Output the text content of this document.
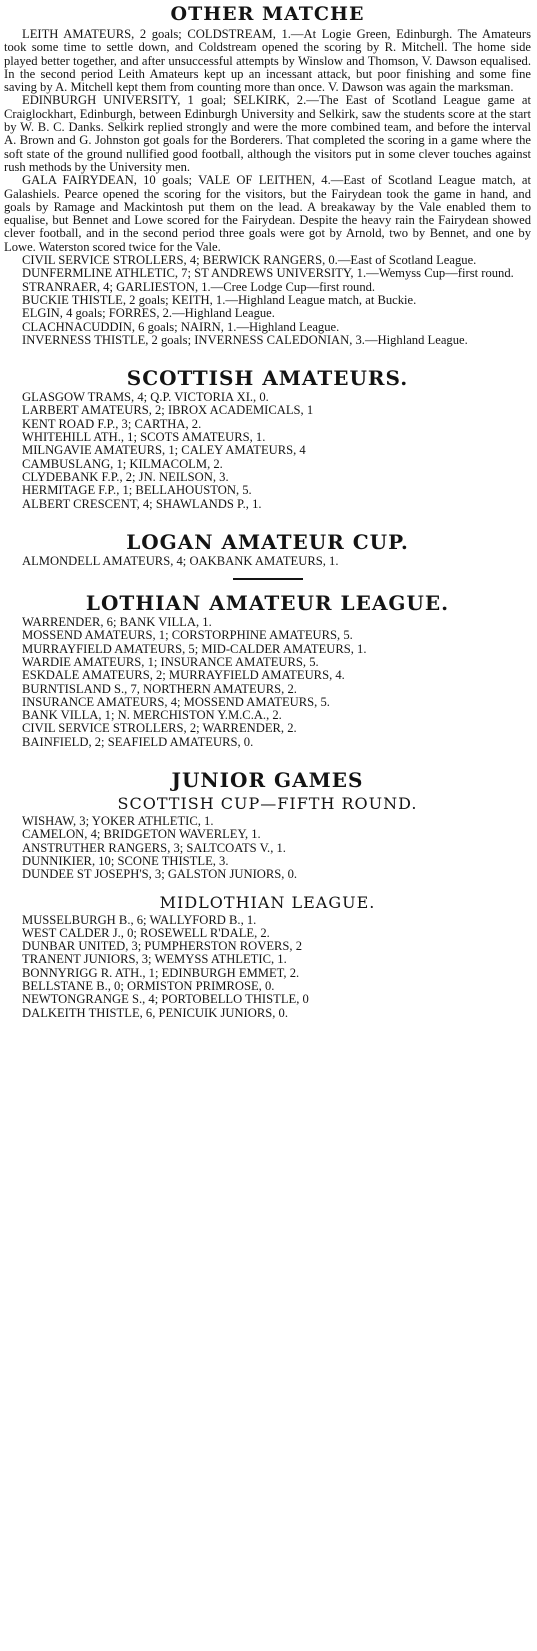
OTHER MATCHE

LEITH AMATEURS, 2 goals; COLDSTREAM, 1.—At Logie Green, Edinburgh. The Amateurs took some time to settle down, and Coldstream opened the scoring by R. Mitchell. The home side played better together, and after unsuccessful attempts by Winslow and Thomson, V. Dawson equalised. In the second period Leith Amateurs kept up an incessant attack, but poor finishing and some fine saving by A. Mitchell kept them from counting more than once. V. Dawson was again the marksman.

EDINBURGH UNIVERSITY, 1 goal; SELKIRK, 2.—The East of Scotland League game at Craiglockhart, Edinburgh, between Edinburgh University and Selkirk, saw the students score at the start by W. B. C. Danks. Selkirk replied strongly and were the more combined team, and before the interval A. Brown and G. Johnston got goals for the Borderers. That completed the scoring in a game where the soft state of the ground nullified good football, although the visitors put in some clever touches against rush methods by the University men.

GALA FAIRYDEAN, 10 goals; VALE OF LEITHEN, 4.—East of Scotland League match, at Galashiels. Pearce opened the scoring for the visitors, but the Fairydean took the game in hand, and goals by Ramage and Mackintosh put them on the lead. A breakaway by the Vale enabled them to equalise, but Bennet and Lowe scored for the Fairydean. Despite the heavy rain the Fairydean showed clever football, and in the second period three goals were got by Arnold, two by Bennet, and one by Lowe. Waterston scored twice for the Vale.

CIVIL SERVICE STROLLERS, 4; BERWICK RANGERS, 0.—East of Scotland League.

DUNFERMLINE ATHLETIC, 7; ST ANDREWS UNIVERSITY, 1.—Wemyss Cup—first round.

STRANRAER, 4; GARLIESTON, 1.—Cree Lodge Cup—first round.

BUCKIE THISTLE, 2 goals; KEITH, 1.—Highland League match, at Buckie.

ELGIN, 4 goals; FORRES, 2.—Highland League.

CLACHNACUDDIN, 6 goals; NAIRN, 1.—Highland League.

INVERNESS THISTLE, 2 goals; INVERNESS CALEDONIAN, 3.—Highland League.

SCOTTISH AMATEURS.
GLASGOW TRAMS, 4; Q.P. VICTORIA XI., 0.
LARBERT AMATEURS, 2; IBROX ACADEMICALS, 1
KENT ROAD F.P., 3; CARTHA, 2.
WHITEHILL ATH., 1; SCOTS AMATEURS, 1.
MILNGAVIE AMATEURS, 1; CALEY AMATEURS, 4
CAMBUSLANG, 1; KILMACOLM, 2.
CLYDEBANK F.P., 2; JN. NEILSON, 3.
HERMITAGE F.P., 1; BELLAHOUSTON, 5.
ALBERT CRESCENT, 4; SHAWLANDS P., 1.
LOGAN AMATEUR CUP.
ALMONDELL AMATEURS, 4; OAKBANK AMATEURS, 1.
LOTHIAN AMATEUR LEAGUE.
WARRENDER, 6; BANK VILLA, 1.
MOSSEND AMATEURS, 1; CORSTORPHINE AMATEURS, 5.
MURRAYFIELD AMATEURS, 5; MID-CALDER AMATEURS, 1.
WARDIE AMATEURS, 1; INSURANCE AMATEURS, 5.
ESKDALE AMATEURS, 2; MURRAYFIELD AMATEURS, 4.
BURNTISLAND S., 7, NORTHERN AMATEURS, 2.
INSURANCE AMATEURS, 4; MOSSEND AMATEURS, 5.
BANK VILLA, 1; N. MERCHISTON Y.M.C.A., 2.
CIVIL SERVICE STROLLERS, 2; WARRENDER, 2.
BAINFIELD, 2; SEAFIELD AMATEURS, 0.
JUNIOR GAMES
SCOTTISH CUP—FIFTH ROUND.
WISHAW, 3; YOKER ATHLETIC, 1.
CAMELON, 4; BRIDGETON WAVERLEY, 1.
ANSTRUTHER RANGERS, 3; SALTCOATS V., 1.
DUNNIKIER, 10; SCONE THISTLE, 3.
DUNDEE ST JOSEPH'S, 3; GALSTON JUNIORS, 0.
MIDLOTHIAN LEAGUE.
MUSSELBURGH B., 6; WALLYFORD B., 1.
WEST CALDER J., 0; ROSEWELL R'DALE, 2.
DUNBAR UNITED, 3; PUMPHERSTON ROVERS, 2
TRANENT JUNIORS, 3; WEMYSS ATHLETIC, 1.
BONNYRIGG R. ATH., 1; EDINBURGH EMMET, 2.
BELLSTANE B., 0; ORMISTON PRIMROSE, 0.
NEWTONGRANGE S., 4; PORTOBELLO THISTLE, 0
DALKEITH THISTLE, 6, PENICUIK JUNIORS, 0.
